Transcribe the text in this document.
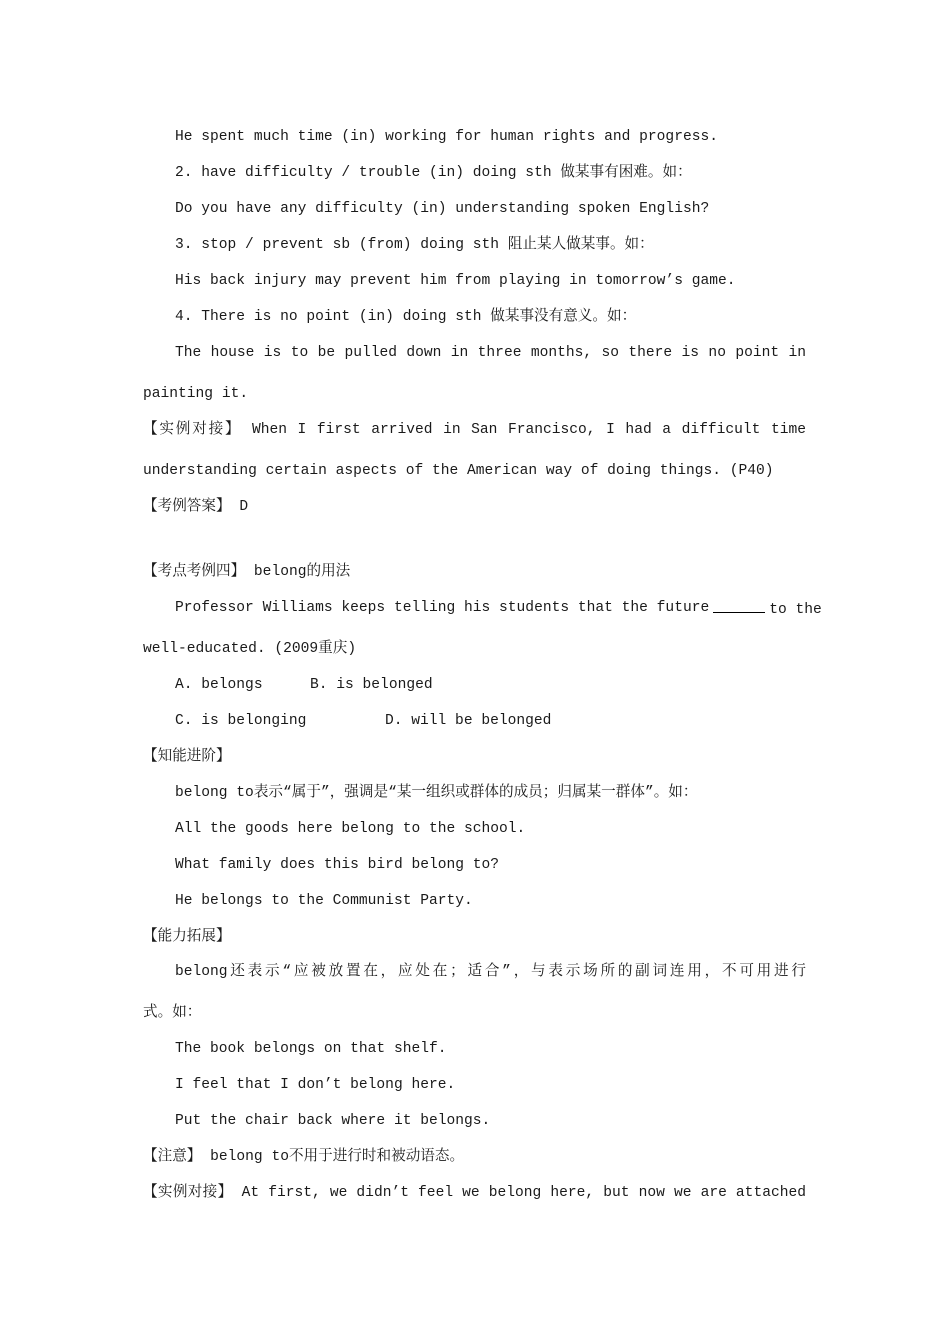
He spent much time (in) working for human rights and progress.
2. have difficulty / trouble (in) doing sth 做某事有困难。如：
Do you have any difficulty (in) understanding spoken English?
3. stop / prevent sb (from) doing sth 阻止某人做某事。如：
His back injury may prevent him from playing in tomorrow’s game.
4. There is no point (in) doing sth 做某事没有意义。如：
The house is to be pulled down in three months, so there is no point in
painting it.
【实例对接】 When I first arrived in San Francisco, I had a difficult time
understanding certain aspects of the American way of doing things. (P40)
【考例答案】 D
【考点考例四】 belong的用法
Professor Williams keeps telling his students that the future	to the
well-educated. (2009重庆)
A. belongs	B. is belonged
C. is belonging	D. will be belonged
【知能进阶】
belong to表示“属于”，强调是“某一组织或群体的成员；归属某一群体”。如：
All the goods here belong to the school.
What family does this bird belong to?
He belongs to the Communist Party.
【能力拓展】
belong还表示“应被放置在，应处在；适合”，与表示场所的副词连用，不可用进行
式。如：
The book belongs on that shelf.
I feel that I don’t belong here.
Put the chair back where it belongs.
【注意】 belong to不用于进行时和被动语态。
【实例对接】 At first, we didn’t feel we belong here, but now we are attached
